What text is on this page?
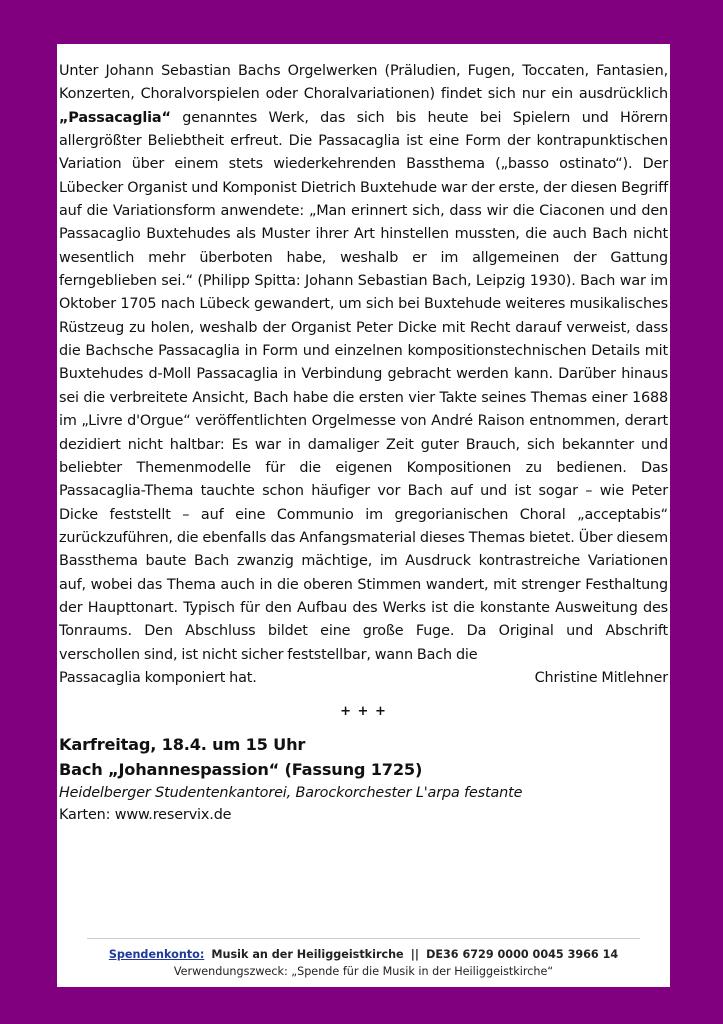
Unter Johann Sebastian Bachs Orgelwerken (Präludien, Fugen, Toccaten, Fantasien, Konzerten, Choralvorspielen oder Choralvariationen) findet sich nur ein ausdrücklich „Passacaglia“ genanntes Werk, das sich bis heute bei Spielern und Hörern allergrößter Beliebtheit erfreut. Die Passacaglia ist eine Form der kontrapunktischen Variation über einem stets wiederkehrenden Bassthema („basso ostinato“). Der Lübecker Organist und Komponist Dietrich Buxtehude war der erste, der diesen Begriff auf die Variationsform anwendete: „Man erinnert sich, dass wir die Ciaconen und den Passacaglio Buxtehudes als Muster ihrer Art hinstellen mussten, die auch Bach nicht wesentlich mehr überboten habe, weshalb er im allgemeinen der Gattung ferngeblieben sei.“ (Philipp Spitta: Johann Sebastian Bach, Leipzig 1930). Bach war im Oktober 1705 nach Lübeck gewandert, um sich bei Buxtehude weiteres musikalisches Rüstzeug zu holen, weshalb der Organist Peter Dicke mit Recht darauf verweist, dass die Bachsche Passacaglia in Form und einzelnen kompositionstechnischen Details mit Buxtehudes d-Moll Passacaglia in Verbindung gebracht werden kann. Darüber hinaus sei die verbreitete Ansicht, Bach habe die ersten vier Takte seines Themas einer 1688 im „Livre d'Orgue“ veröffentlichten Orgelmesse von André Raison entnommen, derart dezidiert nicht haltbar: Es war in damaliger Zeit guter Brauch, sich bekannter und beliebter Themenmodelle für die eigenen Kompositionen zu bedienen. Das Passacaglia-Thema tauchte schon häufiger vor Bach auf und ist sogar – wie Peter Dicke feststellt – auf eine Communio im gregorianischen Choral „acceptabis“ zurückzuführen, die ebenfalls das Anfangsmaterial dieses Themas bietet. Über diesem Bassthema baute Bach zwanzig mächtige, im Ausdruck kontrastreiche Variationen auf, wobei das Thema auch in die oberen Stimmen wandert, mit strenger Festhaltung der Haupttonart. Typisch für den Aufbau des Werks ist die konstante Ausweitung des Tonraums. Den Abschluss bildet eine große Fuge. Da Original und Abschrift verschollen sind, ist nicht sicher feststellbar, wann Bach die

Passacaglia komponiert hat.	Christine Mitlehner
+ + +
Karfreitag, 18.4. um 15 Uhr
Bach „Johannespassion“ (Fassung 1725)
Heidelberger Studentenkantorei, Barockorchester L'arpa festante
Karten: www.reservix.de
Spendenkonto: Musik an der Heiliggeistkirche || DE36 6729 0000 0045 3966 14
Verwendungszweck: „Spende für die Musik in der Heiliggeistkirche“
